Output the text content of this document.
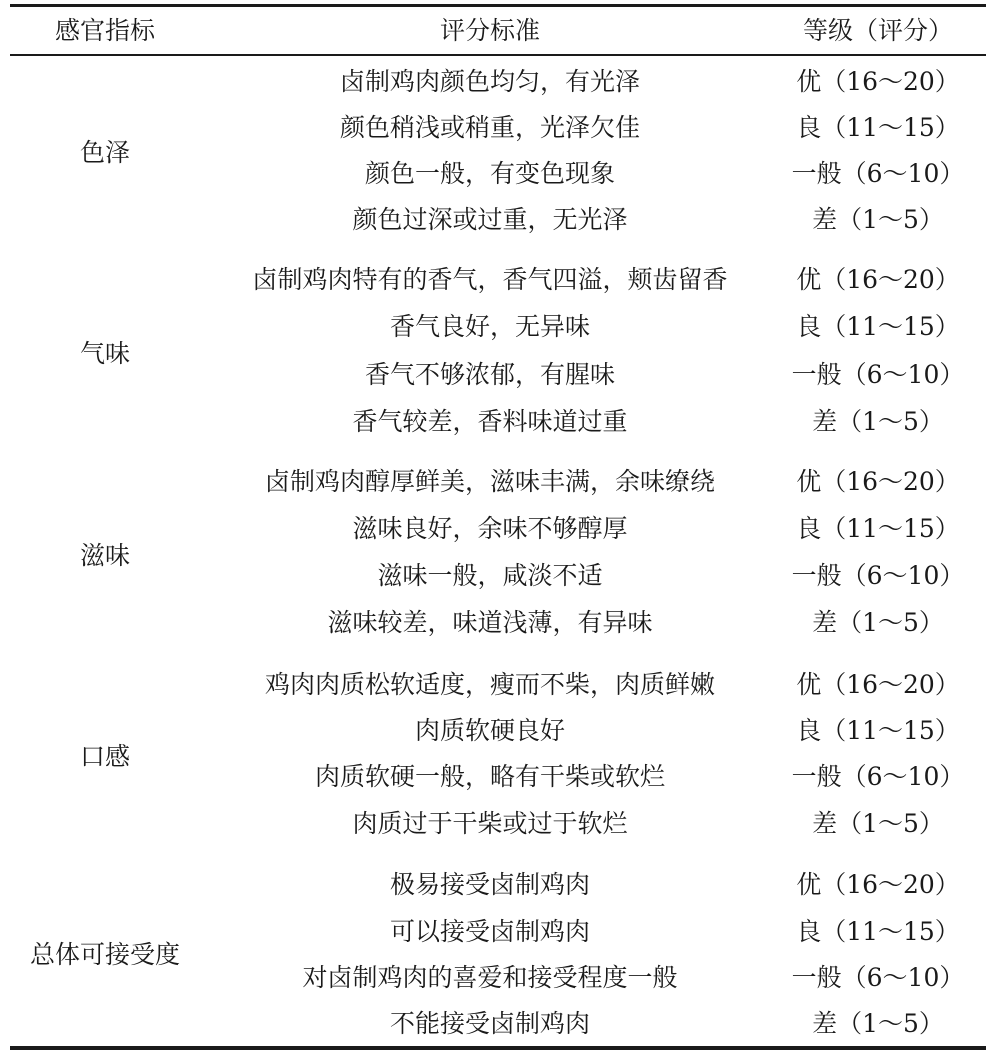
感官指标	评分标准	等级（评分）
色泽
卤制鸡肉颜色均匀，有光泽	优（16～20）
颜色稍浅或稍重，光泽欠佳	良（11～15）
颜色一般，有变色现象	一般（6～10）
颜色过深或过重，无光泽	差（1～5）
气味
卤制鸡肉特有的香气，香气四溢，颊齿留香	优（16～20）
香气良好，无异味	良（11～15）
香气不够浓郁，有腥味	一般（6～10）
香气较差，香料味道过重	差（1～5）
滋味
卤制鸡肉醇厚鲜美，滋味丰满，余味缭绕	优（16～20）
滋味良好，余味不够醇厚	良（11～15）
滋味一般，咸淡不适	一般（6～10）
滋味较差，味道浅薄，有异味	差（1～5）
口感
鸡肉肉质松软适度，瘦而不柴，肉质鲜嫩	优（16～20）
肉质软硬良好	良（11～15）
肉质软硬一般，略有干柴或软烂	一般（6～10）
肉质过于干柴或过于软烂	差（1～5）
总体可接受度
极易接受卤制鸡肉	优（16～20）
可以接受卤制鸡肉	良（11～15）
对卤制鸡肉的喜爱和接受程度一般	一般（6～10）
不能接受卤制鸡肉	差（1～5）
